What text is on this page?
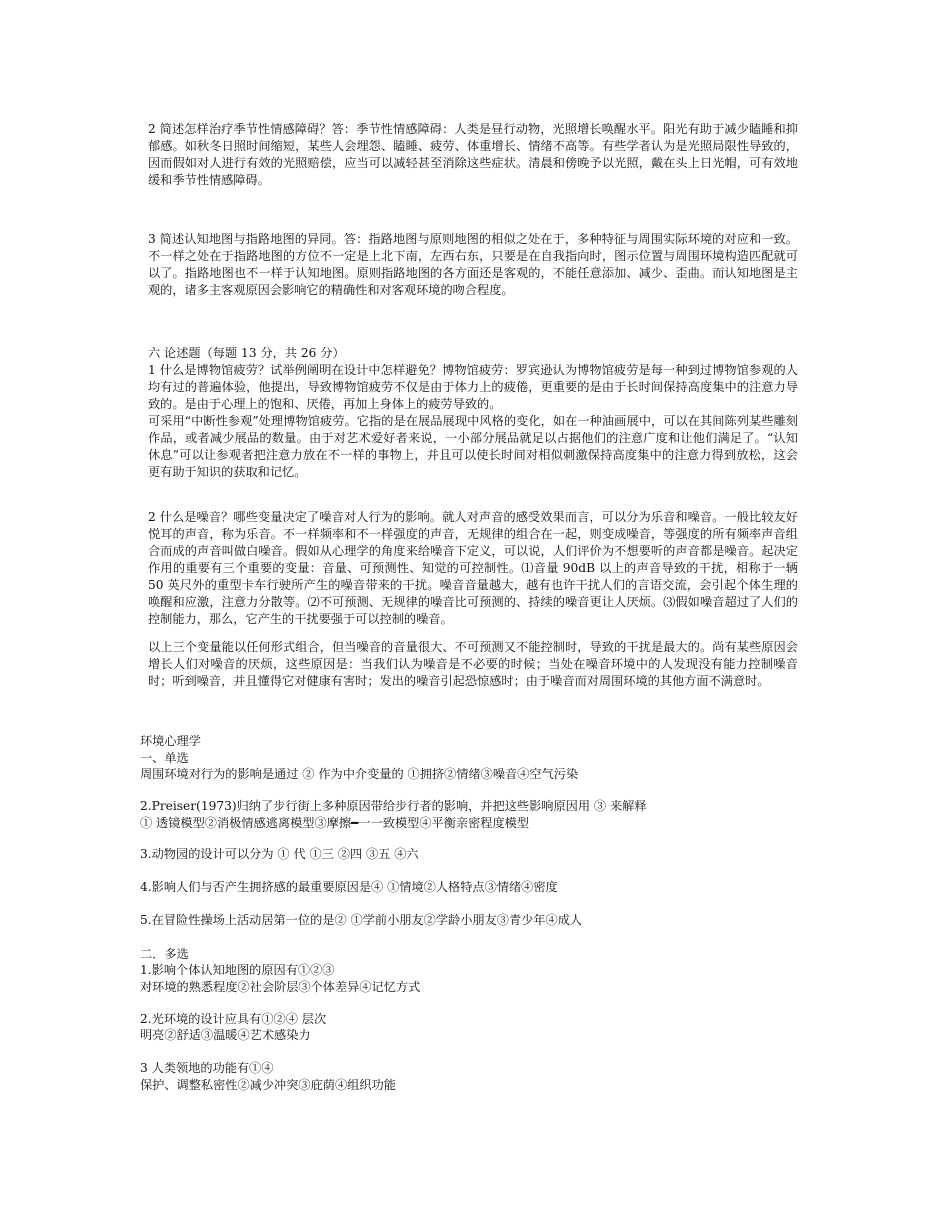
2 简述怎样治疗季节性情感障碍？答：季节性情感障碍：人类是昼行动物，光照增长唤醒水平。阳光有助于减少瞌睡和抑郁感。如秋冬日照时间缩短，某些人会埋怨、瞌睡、疲劳、体重增长、情绪不高等。有些学者认为是光照局限性导致的，因而假如对人进行有效的光照赔偿，应当可以减轻甚至消除这些症状。清晨和傍晚予以光照，戴在头上日光帽，可有效地缓和季节性情感障碍。

3 简述认知地图与指路地图的异同。答：指路地图与原则地图的相似之处在于，多种特征与周围实际环境的对应和一致。不一样之处在于指路地图的方位不一定是上北下南，左西右东，只要是在自我指向时，图示位置与周围环境构造匹配就可以了。指路地图也不一样于认知地图。原则指路地图的各方面还是客观的，不能任意添加、减少、歪曲。而认知地图是主观的，诸多主客观原因会影响它的精确性和对客观环境的吻合程度。

六 论述题（每题 13 分，共 26 分）

1 什么是博物馆疲劳？试举例阐明在设计中怎样避免？博物馆疲劳：罗宾逊认为博物馆疲劳是每一种到过博物馆参观的人均有过的普遍体验，他提出，导致博物馆疲劳不仅是由于体力上的疲倦，更重要的是由于长时间保持高度集中的注意力导致的。是由于心理上的饱和、厌倦，再加上身体上的疲劳导致的。

可采用“中断性参观”处理博物馆疲劳。它指的是在展品展现中风格的变化，如在一种油画展中，可以在其间陈列某些雕刻作品，或者减少展品的数量。由于对艺术爱好者来说，一小部分展品就足以占据他们的注意广度和让他们满足了。“认知休息”可以让参观者把注意力放在不一样的事物上，并且可以使长时间对相似刺激保持高度集中的注意力得到放松，这会更有助于知识的获取和记忆。

2 什么是噪音？哪些变量决定了噪音对人行为的影响。就人对声音的感受效果而言，可以分为乐音和噪音。一般比较友好悦耳的声音，称为乐音。不一样频率和不一样强度的声音，无规律的组合在一起，则变成噪音，等强度的所有频率声音组合而成的声音叫做白噪音。假如从心理学的角度来给噪音下定义，可以说，人们评价为不想要听的声音都是噪音。起决定作用的重要有三个重要的变量：音量、可预测性、知觉的可控制性。⑴音量 90dB 以上的声音导致的干扰，相称于一辆 50 英尺外的重型卡车行驶所产生的噪音带来的干扰。噪音音量越大，越有也许干扰人们的言语交流，会引起个体生理的唤醒和应激，注意力分散等。⑵不可预测、无规律的噪音比可预测的、持续的噪音更让人厌烦。⑶假如噪音超过了人们的控制能力，那么，它产生的干扰要强于可以控制的噪音。

以上三个变量能以任何形式组合，但当噪音的音量很大、不可预测又不能控制时，导致的干扰是最大的。尚有某些原因会增长人们对噪音的厌烦，这些原因是：当我们认为噪音是不必要的时候；当处在噪音环境中的人发现没有能力控制噪音时；听到噪音，并且懂得它对健康有害时；发出的噪音引起恐惊感时；由于噪音而对周围环境的其他方面不满意时。

环境心理学

一、单选

周围环境对行为的影响是通过 ② 作为中介变量的 ①拥挤②情绪③噪音④空气污染

2.Preiser(1973)归纳了步行街上多种原因带给步行者的影响，并把这些影响原因用 ③ 来解释

① 透镜模型②消极情感逃离模型③摩擦━一一致模型④平衡亲密程度模型

3.动物园的设计可以分为 ① 代 ①三 ②四 ③五 ④六

4.影响人们与否产生拥挤感的最重要原因是④ ①情境②人格特点③情绪④密度

5.在冒险性操场上活动居第一位的是② ①学前小朋友②学龄小朋友③青少年④成人

二．多选

1.影响个体认知地图的原因有①②③

对环境的熟悉程度②社会阶层③个体差异④记忆方式

2.光环境的设计应具有①②④ 层次

明亮②舒适③温暖④艺术感染力

3 人类领地的功能有①④

保护、调整私密性②减少冲突③庇荫④组织功能
